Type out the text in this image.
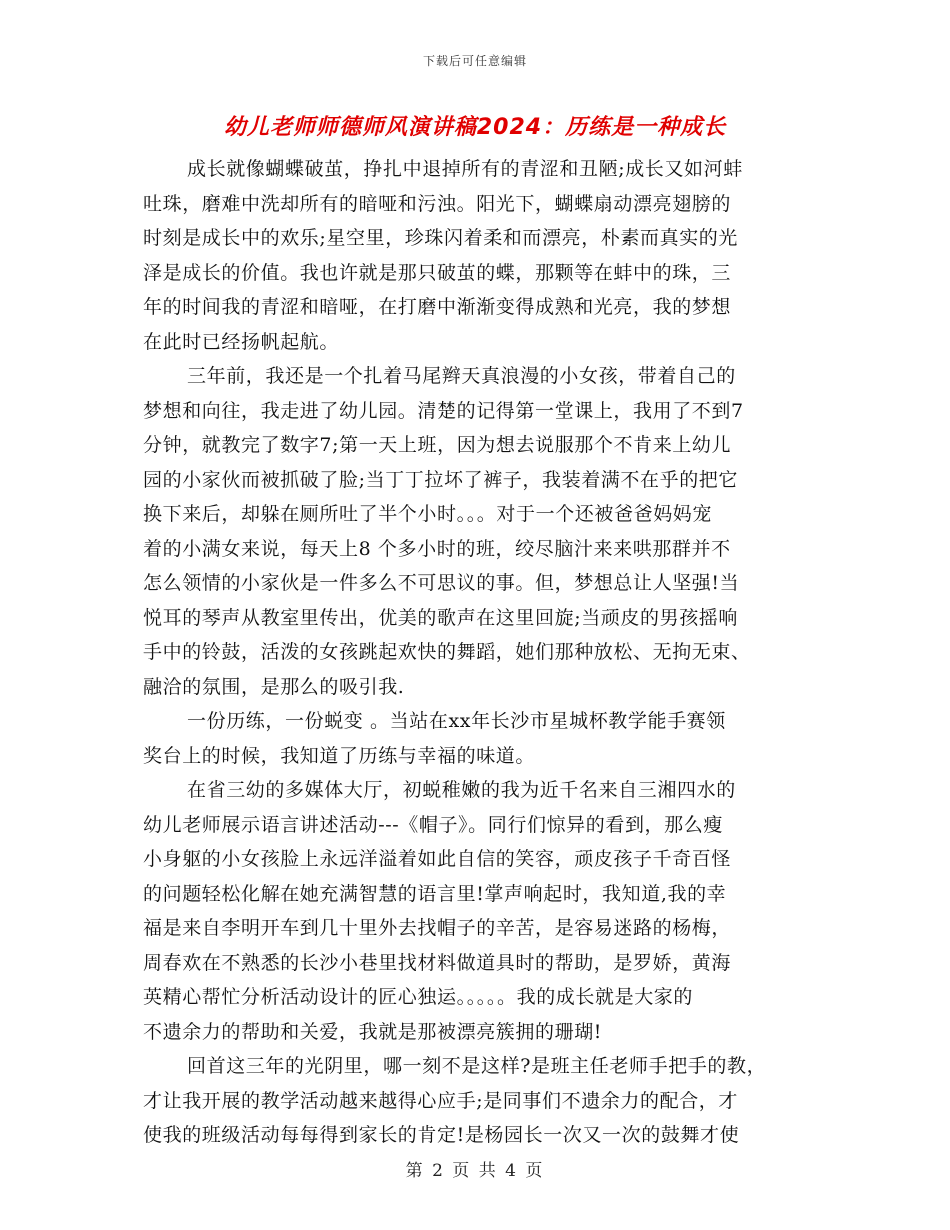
下载后可任意编辑
幼儿老师师德师风演讲稿2024：历练是一种成长
成长就像蝴蝶破茧，挣扎中退掉所有的青涩和丑陋;成长又如河蚌
吐珠，磨难中洗却所有的暗哑和污浊。阳光下，蝴蝶扇动漂亮翅膀的
时刻是成长中的欢乐;星空里，珍珠闪着柔和而漂亮，朴素而真实的光
泽是成长的价值。我也许就是那只破茧的蝶，那颗等在蚌中的珠，三
年的时间我的青涩和暗哑，在打磨中渐渐变得成熟和光亮，我的梦想
在此时已经扬帆起航。
三年前，我还是一个扎着马尾辫天真浪漫的小女孩，带着自己的
梦想和向往，我走进了幼儿园。清楚的记得第一堂课上，我用了不到7
分钟，就教完了数字7;第一天上班，因为想去说服那个不肯来上幼儿
园的小家伙而被抓破了脸;当丁丁拉坏了裤子，我装着满不在乎的把它
换下来后，却躲在厕所吐了半个小时。。。对于一个还被爸爸妈妈宠
着的小满女来说，每天上8 个多小时的班，绞尽脑汁来来哄那群并不
怎么领情的小家伙是一件多么不可思议的事。但，梦想总让人坚强!当
悦耳的琴声从教室里传出，优美的歌声在这里回旋;当顽皮的男孩摇响
手中的铃鼓，活泼的女孩跳起欢快的舞蹈，她们那种放松、无拘无束、
融洽的氛围，是那么的吸引我.
一份历练，一份蜕变 。当站在xx年长沙市星城杯教学能手赛领
奖台上的时候，我知道了历练与幸福的味道。
在省三幼的多媒体大厅，初蜕稚嫩的我为近千名来自三湘四水的
幼儿老师展示语言讲述活动---《帽子》。同行们惊异的看到，那么瘦
小身躯的小女孩脸上永远洋溢着如此自信的笑容，顽皮孩子千奇百怪
的问题轻松化解在她充满智慧的语言里!掌声响起时，我知道,我的幸
福是来自李明开车到几十里外去找帽子的辛苦，是容易迷路的杨梅，
周春欢在不熟悉的长沙小巷里找材料做道具时的帮助，是罗娇，黄海
英精心帮忙分析活动设计的匠心独运。。。。。我的成长就是大家的
不遗余力的帮助和关爱，我就是那被漂亮簇拥的珊瑚!
回首这三年的光阴里，哪一刻不是这样?是班主任老师手把手的教，
才让我开展的教学活动越来越得心应手;是同事们不遗余力的配合，才
使我的班级活动每每得到家长的肯定!是杨园长一次又一次的鼓舞才使
第 2 页 共 4 页
